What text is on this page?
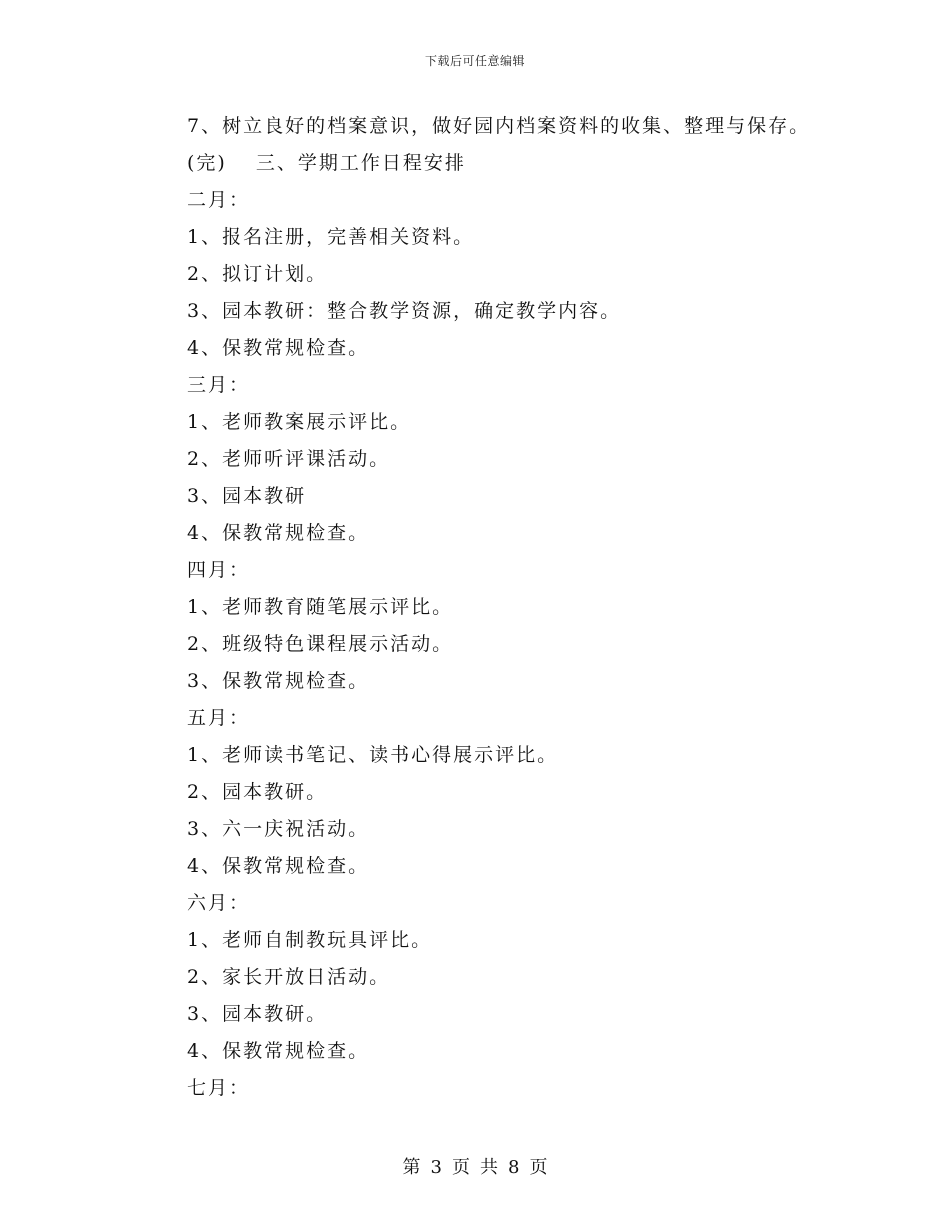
下载后可任意编辑
7、树立良好的档案意识，做好园内档案资料的收集、整理与保存。
(完)　 三、学期工作日程安排
二月：
1、报名注册，完善相关资料。
2、拟订计划。
3、园本教研：整合教学资源，确定教学内容。
4、保教常规检查。
三月：
1、老师教案展示评比。
2、老师听评课活动。
3、园本教研
4、保教常规检查。
四月：
1、老师教育随笔展示评比。
2、班级特色课程展示活动。
3、保教常规检查。
五月：
1、老师读书笔记、读书心得展示评比。
2、园本教研。
3、六一庆祝活动。
4、保教常规检查。
六月：
1、老师自制教玩具评比。
2、家长开放日活动。
3、园本教研。
4、保教常规检查。
七月：
第 3 页 共 8 页
